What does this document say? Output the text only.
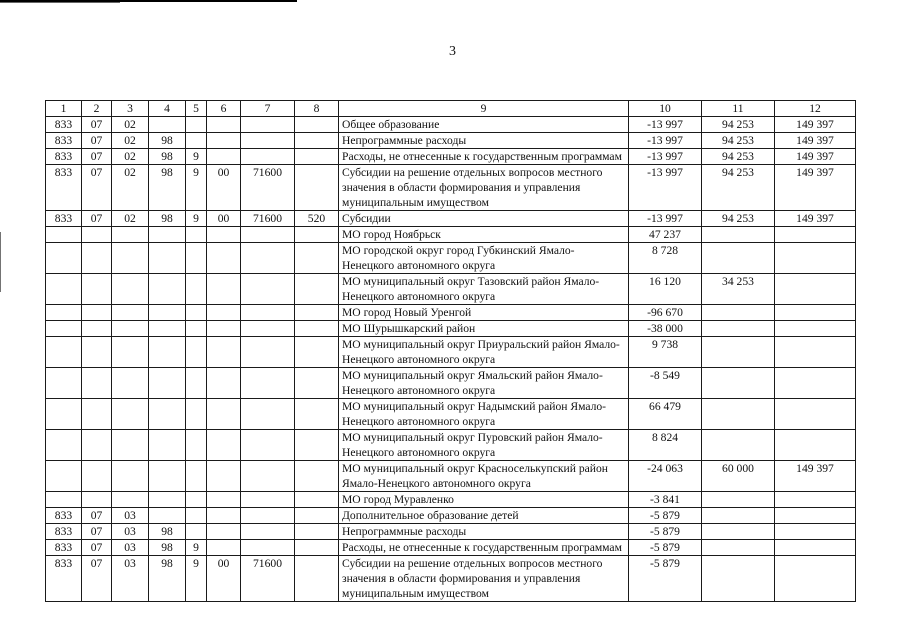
3
1	2	3	4	5	6	7	8	9	10	11	12
833	07	02						Общее образование	-13 997	94 253	149 397
833	07	02	98					Непрограммные расходы	-13 997	94 253	149 397
833	07	02	98	9				Расходы, не отнесенные к государственным программам	-13 997	94 253	149 397
833	07	02	98	9	00	71600		Субсидии на решение отдельных вопросов местного значения в области формирования и управления муниципальным имуществом	-13 997	94 253	149 397
833	07	02	98	9	00	71600	520	Субсидии	-13 997	94 253	149 397
								МО город Ноябрьск	47 237		
								МО городской округ город Губкинский Ямало-Ненецкого автономного округа	8 728		
								МО муниципальный округ Тазовский район Ямало-Ненецкого автономного округа	16 120	34 253	
								МО город Новый Уренгой	-96 670		
								МО Шурышкарский район	-38 000		
								МО муниципальный округ Приуральский район Ямало-Ненецкого автономного округа	9 738		
								МО муниципальный округ Ямальский район Ямало-Ненецкого автономного округа	-8 549		
								МО муниципальный округ Надымский район Ямало-Ненецкого автономного округа	66 479		
								МО муниципальный округ Пуровский район Ямало-Ненецкого автономного округа	8 824		
								МО муниципальный округ Красноселькупский район Ямало-Ненецкого автономного округа	-24 063	60 000	149 397
								МО город Муравленко	-3 841		
833	07	03						Дополнительное образование детей	-5 879		
833	07	03	98					Непрограммные расходы	-5 879		
833	07	03	98	9				Расходы, не отнесенные к государственным программам	-5 879		
833	07	03	98	9	00	71600		Субсидии на решение отдельных вопросов местного значения в области формирования и управления муниципальным имуществом	-5 879		
